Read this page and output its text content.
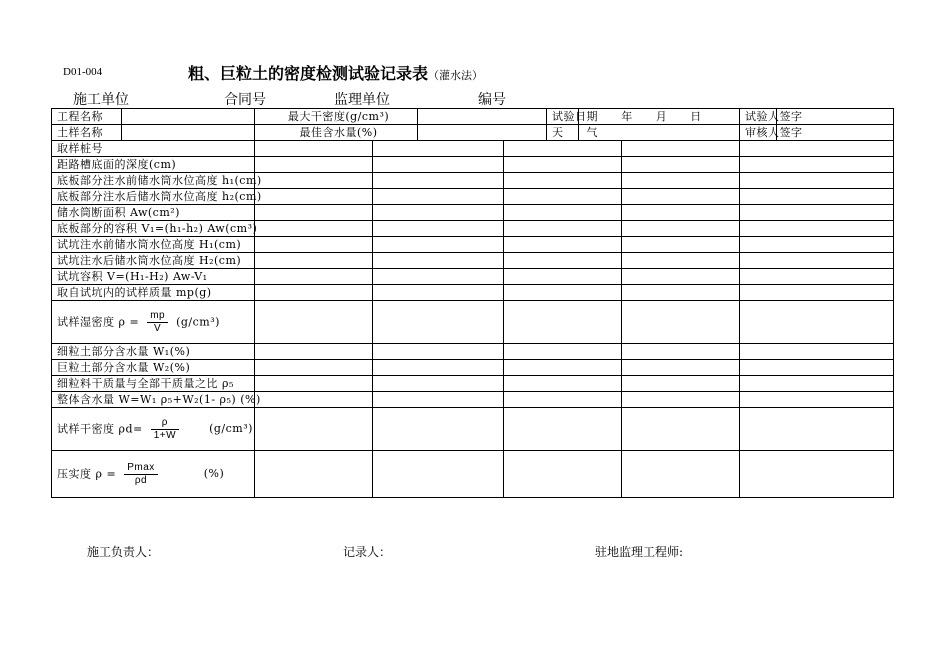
D01-004	粗、巨粒土的密度检测试验记录表（灌水法）
施工单位	合同号	监理单位	编号
工程名称		最大干密度(g/cm³)				试验日期	年　　月　　日		试验人签字	
土样名称		最佳含水量(%)				天　　气			审核人签字	
取样桩号										
距路槽底面的深度(cm)										
底板部分注水前储水筒水位高度 h₁(cm)										
底板部分注水后储水筒水位高度 h₂(cm)										
储水筒断面积 Aw(cm²)										
底板部分的容积 V₁=(h₁-h₂) Aw(cm³)										
试坑注水前储水筒水位高度 H₁(cm)										
试坑注水后储水筒水位高度 H₂(cm)										
试坑容积 V=(H₁-H₂) Aw-V₁										
取自试坑内的试样质量 mp(g)										
试样湿密度 $\rho = \frac{mp}{V} (g/cm^3)$										
细粒土部分含水量 W₁(%)										
巨粒土部分含水量 W₂(%)										
细粒料干质量与全部干质量之比 ρ₅										
整体含水量 W=W₁ ρ₅+W₂(1- ρ₅) (%)										
试样干密度 $\rho d= \frac{\rho}{1+W} (g/cm^3)$										
压实度 $\rho = \frac{Pmax}{\rho d}$ (%)										
施工负责人：	记录人：	驻地监理工程师:
